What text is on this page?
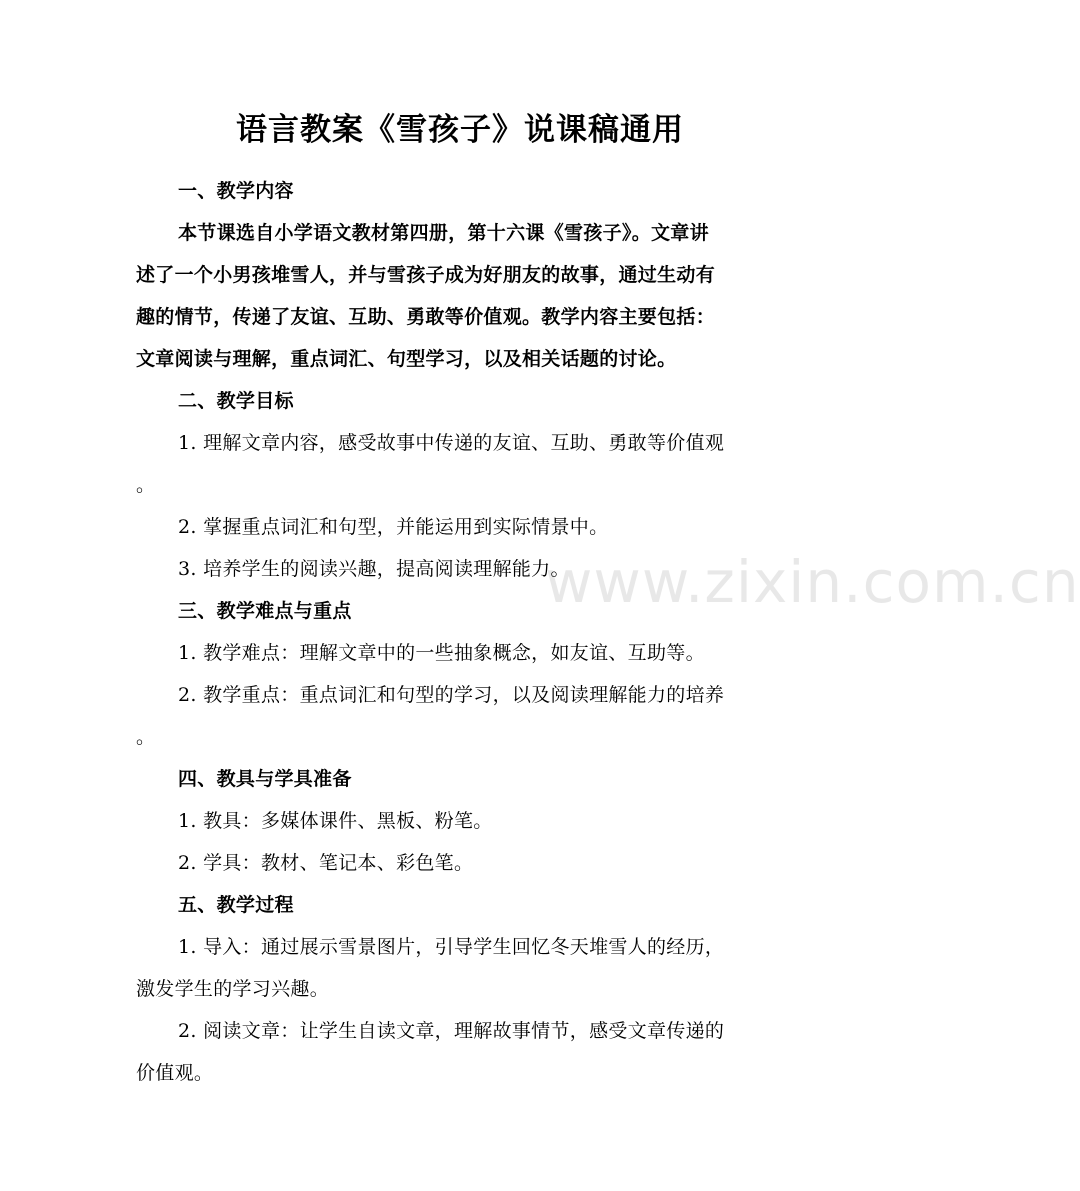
语言教案《雪孩子》说课稿通用
一、教学内容
本节课选自小学语文教材第四册，第十六课《雪孩子》。文章讲
述了一个小男孩堆雪人，并与雪孩子成为好朋友的故事，通过生动有
趣的情节，传递了友谊、互助、勇敢等价值观。教学内容主要包括：
文章阅读与理解，重点词汇、句型学习，以及相关话题的讨论。
二、教学目标
1. 理解文章内容，感受故事中传递的友谊、互助、勇敢等价值观
。
2. 掌握重点词汇和句型，并能运用到实际情景中。
3. 培养学生的阅读兴趣，提高阅读理解能力。
三、教学难点与重点
1. 教学难点：理解文章中的一些抽象概念，如友谊、互助等。
2. 教学重点：重点词汇和句型的学习，以及阅读理解能力的培养
。
四、教具与学具准备
1. 教具：多媒体课件、黑板、粉笔。
2. 学具：教材、笔记本、彩色笔。
五、教学过程
1. 导入：通过展示雪景图片，引导学生回忆冬天堆雪人的经历，
激发学生的学习兴趣。
2. 阅读文章：让学生自读文章，理解故事情节，感受文章传递的
价值观。
www.zixin.com.cn
